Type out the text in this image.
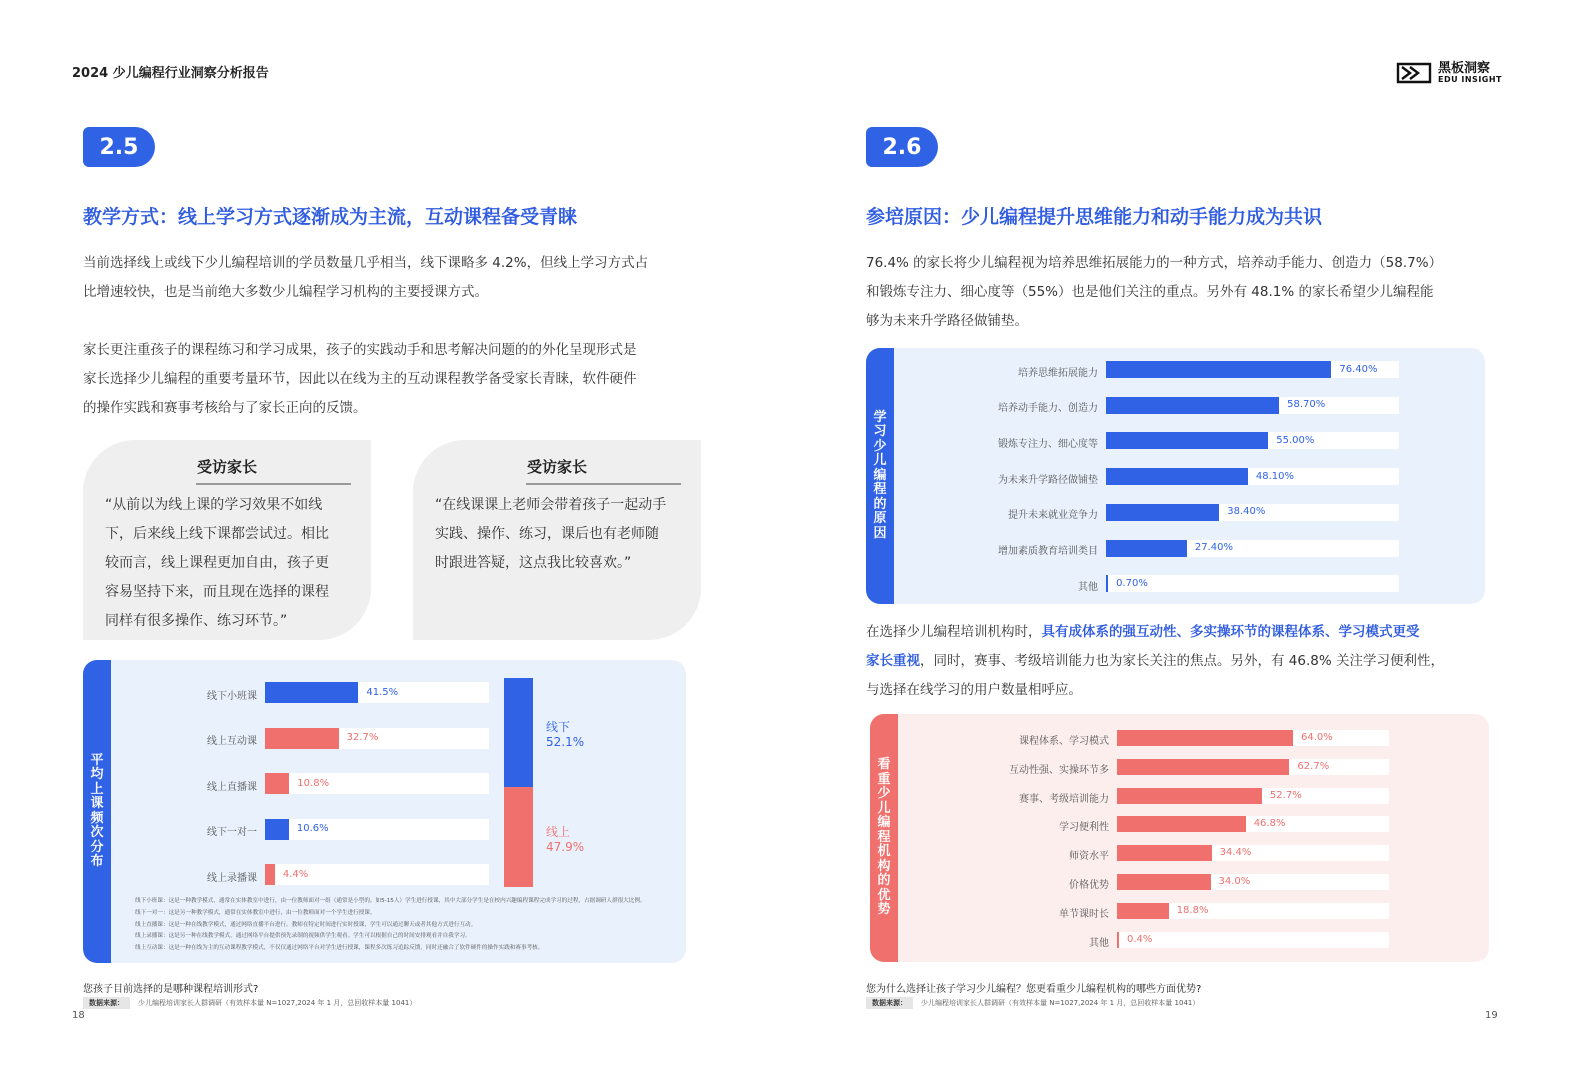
2024 少儿编程行业洞察分析报告	黑板洞察
EDU INSIGHT
2.5
教学方式：线上学习方式逐渐成为主流，互动课程备受青睐
当前选择线上或线下少儿编程培训的学员数量几乎相当，线下课略多 4.2%，但线上学习方式占
比增速较快，也是当前绝大多数少儿编程学习机构的主要授课方式。
家长更注重孩子的课程练习和学习成果，孩子的实践动手和思考解决问题的的外化呈现形式是
家长选择少儿编程的重要考量环节，因此以在线为主的互动课程教学备受家长青睐，软件硬件
的操作实践和赛事考核给与了家长正向的反馈。
受访家长
“从前以为线上课的学习效果不如线
下，后来线上线下课都尝试过。相比
较而言，线上课程更加自由，孩子更
容易坚持下来，而且现在选择的课程
同样有很多操作、练习环节。”
受访家长
“在线课课上老师会带着孩子一起动手
实践、操作、练习，课后也有老师随
时跟进答疑，这点我比较喜欢。”
平均上课频次分布
线下小班课	41.5%
线上互动课	32.7%
线上直播课	10.8%
线下一对一	10.6%
线上录播课	4.4%
线下
52.1%
线上
47.9%
线下小班课：这是一种教学模式，通常在实体教室中进行，由一位教师面对一组（通常是小型的，如5-15人）学生进行授课，其中大部分学生是在校内兴趣编程课程完成学习的过程，占据调研人群很大比例。
线下一对一：这是另一种教学模式，通常在实体教室中进行，由一位教师面对一个学生进行授课。
线上直播课：这是一种在线教学模式，通过网络直播平台进行。教师在特定时间进行实时授课，学生可以通过聊天或者其他方式进行互动。
线上录播课：这是另一种在线教学模式，通过网络平台提供预先录制的视频供学生观看。学生可以根据自己的时间安排观看并自我学习。
线上互动课：这是一种在线为主的互动课程教学模式，不仅仅通过网络平台对学生进行授课，课程多次练习追踪反馈，同时还融合了软件硬件的操作实践和赛事考核。
您孩子目前选择的是哪种课程培训形式?
数据来源：	少儿编程培训家长人群调研（有效样本量 N=1027,2024 年 1 月，总回收样本量 1041）
18
2.6
参培原因：少儿编程提升思维能力和动手能力成为共识
76.4% 的家长将少儿编程视为培养思维拓展能力的一种方式，培养动手能力、创造力（58.7%）
和锻炼专注力、细心度等（55%）也是他们关注的重点。另外有 48.1% 的家长希望少儿编程能
够为未来升学路径做铺垫。
学习少儿编程的原因
培养思维拓展能力	76.40%
培养动手能力、创造力	58.70%
锻炼专注力、细心度等	55.00%
为未来升学路径做铺垫	48.10%
提升未来就业竞争力	38.40%
增加素质教育培训类目	27.40%
其他 0.70%
在选择少儿编程培训机构时，具有成体系的强互动性、多实操环节的课程体系、学习模式更受
家长重视，同时，赛事、考级培训能力也为家长关注的焦点。另外，有 46.8% 关注学习便利性，
与选择在线学习的用户数量相呼应。
看重少儿编程机构的优势
课程体系、学习模式	64.0%
互动性强、实操环节多	62.7%
赛事、考级培训能力	52.7%
学习便利性	46.8%
师资水平	34.4%
价格优势	34.0%
单节课时长	18.8%
其他 0.4%
您为什么选择让孩子学习少儿编程？您更看重少儿编程机构的哪些方面优势?
数据来源：	少儿编程培训家长人群调研（有效样本量 N=1027,2024 年 1 月，总回收样本量 1041）
19
